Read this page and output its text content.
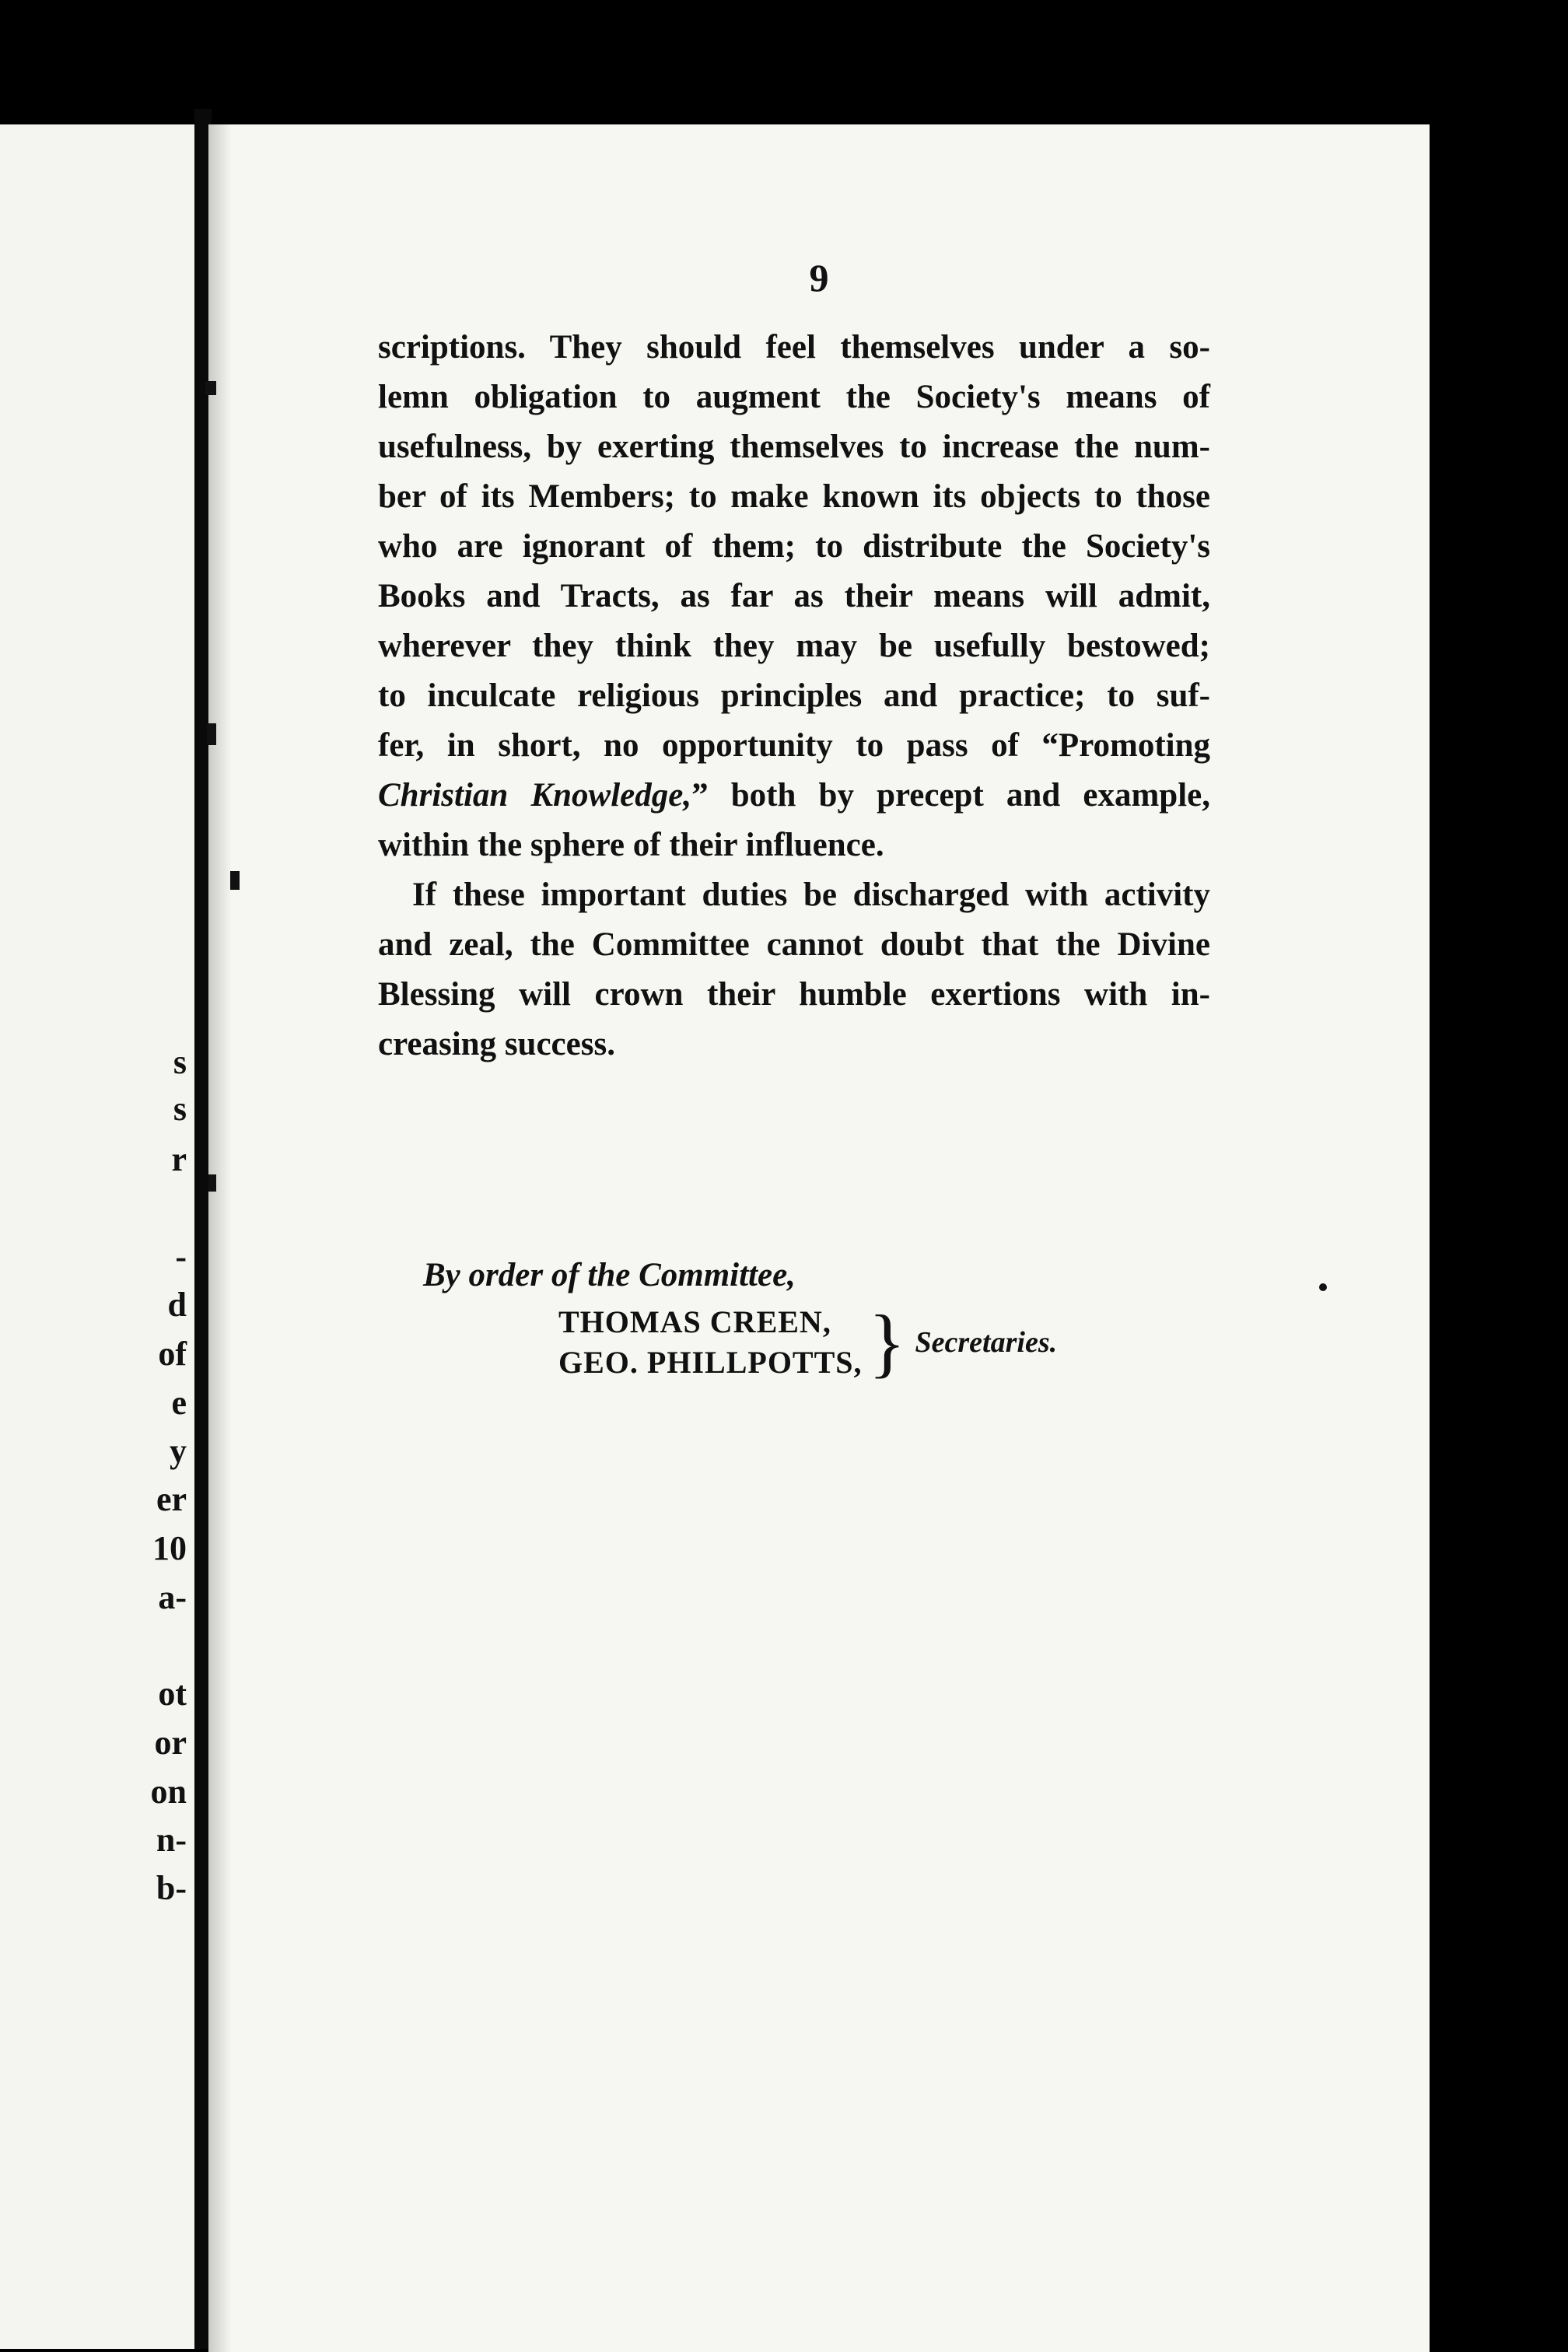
s
s
r
-
d
of
e
y
er
10
a-
ot
or
on
n-
b-
9
scriptions. They should feel themselves under a so-
lemn obligation to augment the Society's means of
usefulness, by exerting themselves to increase the num-
ber of its Members; to make known its objects to those
who are ignorant of them; to distribute the Society's
Books and Tracts, as far as their means will admit,
wherever they think they may be usefully bestowed;
to inculcate religious principles and practice; to suf-
fer, in short, no opportunity to pass of “Promoting
Christian Knowledge,” both by precept and example,
within the sphere of their influence.
If these important duties be discharged with activity
and zeal, the Committee cannot doubt that the Divine
Blessing will crown their humble exertions with in-
creasing success.
By order of the Committee,
THOMAS CREEN,
GEO. PHILLPOTTS, } Secretaries.
